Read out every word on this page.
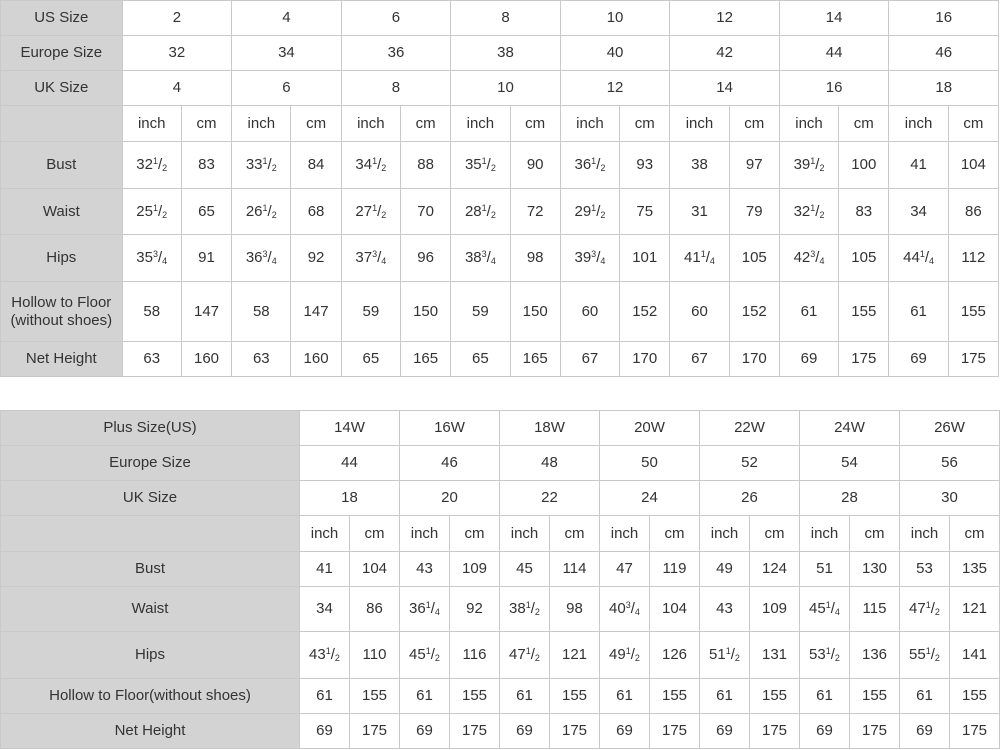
US Size	2		4		6		8		10		12		14		16	
Europe Size	32		34		36		38		40		42		44		46	
UK Size	4		6		8		10		12		14		16		18	
	inch	cm	inch	cm	inch	cm	inch	cm	inch	cm	inch	cm	inch	cm	inch	cm
Bust	$32^1/_2$	83	$33^1/_2$	84	$34^1/_2$	88	$35^1/_2$	90	$36^1/_2$	93	38	97	$39^1/_2$	100	41	104
Waist	$25^1/_2$	65	$26^1/_2$	68	$27^1/_2$	70	$28^1/_2$	72	$29^1/_2$	75	31	79	$32^1/_2$	83	34	86
Hips	$35^3/_4$	91	$36^3/_4$	92	$37^3/_4$	96	$38^3/_4$	98	$39^3/_4$	101	$41^1/_4$	105	$42^3/_4$	105	$44^1/_4$	112
Hollow to Floor (without shoes)	58	147	58	147	59	150	59	150	60	152	60	152	61	155	61	155
Net Height	63	160	63	160	65	165	65	165	67	170	67	170	69	175	69	175
Plus Size(US)	14W		16W		18W		20W		22W		24W		26W	
Europe Size	44		46		48		50		52		54		56	
UK Size	18		20		22		24		26		28		30	
	inch	cm	inch	cm	inch	cm	inch	cm	inch	cm	inch	cm	inch	cm
Bust	41	104	43	109	45	114	47	119	49	124	51	130	53	135
Waist	34	86	$36^1/_4$	92	$38^1/_2$	98	$40^3/_4$	104	43	109	$45^1/_4$	115	$47^1/_2$	121
Hips	$43^1/_2$	110	$45^1/_2$	116	$47^1/_2$	121	$49^1/_2$	126	$51^1/_2$	131	$53^1/_2$	136	$55^1/_2$	141
Hollow to Floor(without shoes)	61	155	61	155	61	155	61	155	61	155	61	155	61	155
Net Height	69	175	69	175	69	175	69	175	69	175	69	175	69	175
